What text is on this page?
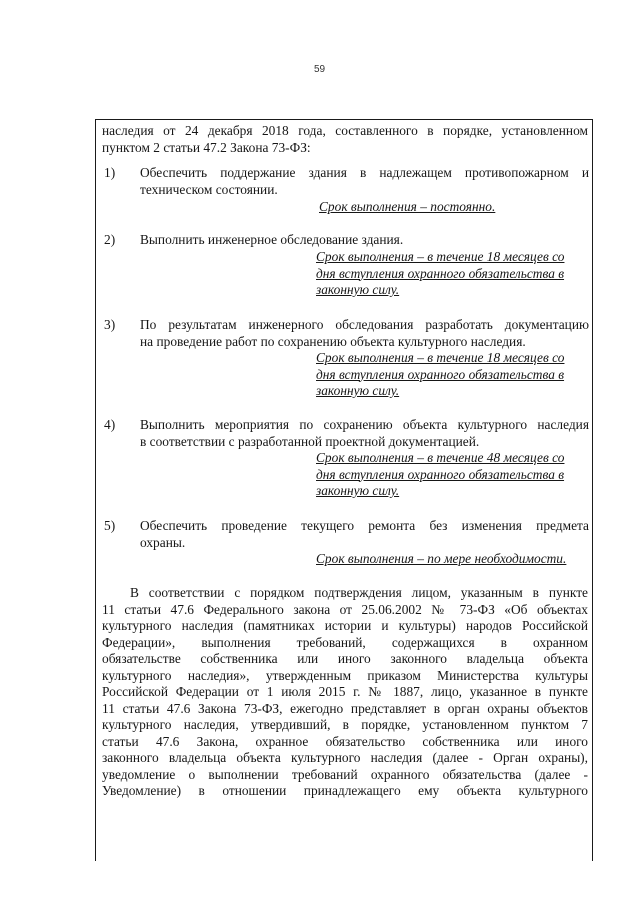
59
наследия от 24 декабря 2018 года, составленного в порядке, установленном
пунктом 2 статьи 47.2 Закона 73-ФЗ:
1) Обеспечить поддержание здания в надлежащем противопожарном и
техническом состоянии.
Срок выполнения – постоянно.
2) Выполнить инженерное обследование здания.
Срок выполнения – в течение 18 месяцев со
дня вступления охранного обязательства в
законную силу.
3) По результатам инженерного обследования разработать документацию
на проведение работ по сохранению объекта культурного наследия.
Срок выполнения – в течение 18 месяцев со
дня вступления охранного обязательства в
законную силу.
4) Выполнить мероприятия по сохранению объекта культурного наследия
в соответствии с разработанной проектной документацией.
Срок выполнения – в течение 48 месяцев со
дня вступления охранного обязательства в
законную силу.
5) Обеспечить проведение текущего ремонта без изменения предмета
охраны.
Срок выполнения – по мере необходимости.
В соответствии с порядком подтверждения лицом, указанным в пункте
11 статьи 47.6 Федерального закона от 25.06.2002 № 73-ФЗ «Об объектах
культурного наследия (памятниках истории и культуры) народов Российской
Федерации», выполнения требований, содержащихся в охранном
обязательстве собственника или иного законного владельца объекта
культурного наследия», утвержденным приказом Министерства культуры
Российской Федерации от 1 июля 2015 г. № 1887, лицо, указанное в пункте
11 статьи 47.6 Закона 73-ФЗ, ежегодно представляет в орган охраны объектов
культурного наследия, утвердивший, в порядке, установленном пунктом 7
статьи 47.6 Закона, охранное обязательство собственника или иного
законного владельца объекта культурного наследия (далее - Орган охраны),
уведомление о выполнении требований охранного обязательства (далее -
Уведомление) в отношении принадлежащего ему объекта культурного
